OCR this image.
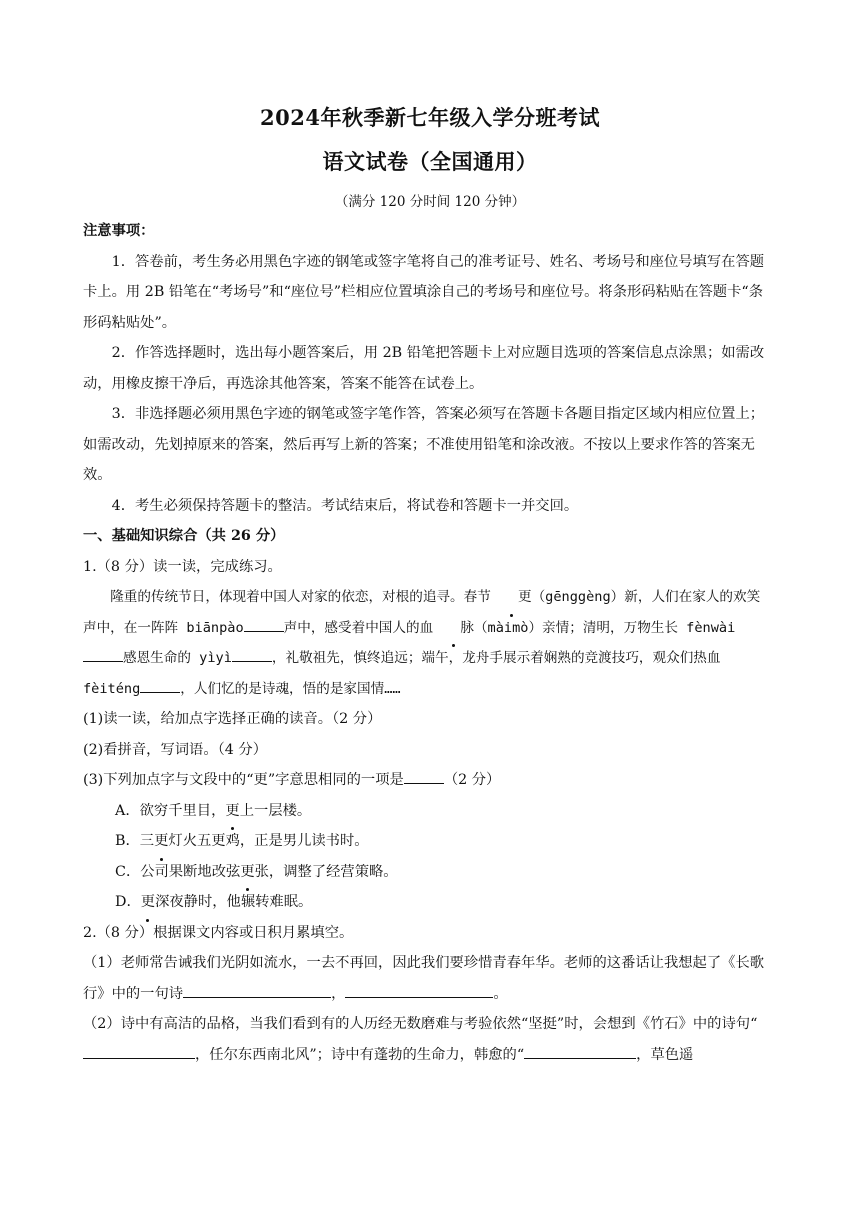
2024年秋季新七年级入学分班考试
语文试卷（全国通用）
（满分 120 分时间 120 分钟）

注意事项：

1．答卷前，考生务必用黑色字迹的钢笔或签字笔将自己的准考证号、姓名、考场号和座位号填写在答题卡上。用 2B 铅笔在“考场号”和“座位号”栏相应位置填涂自己的考场号和座位号。将条形码粘贴在答题卡“条形码粘贴处”。

2．作答选择题时，选出每小题答案后，用 2B 铅笔把答题卡上对应题目选项的答案信息点涂黑；如需改动，用橡皮擦干净后，再选涂其他答案，答案不能答在试卷上。

3．非选择题必须用黑色字迹的钢笔或签字笔作答，答案必须写在答题卡各题目指定区域内相应位置上；如需改动，先划掉原来的答案，然后再写上新的答案；不准使用铅笔和涂改液。不按以上要求作答的答案无效。

4．考生必须保持答题卡的整洁。考试结束后，将试卷和答题卡一并交回。

一、基础知识综合（共 26 分）

1.（8 分）读一读，完成练习。

隆重的传统节日，体现着中国人对家的依恋，对根的追寻。春节 更（gēnggèng）新，人们在家人的欢笑声中，在一阵阵 biānpào	声中，感受着中国人的血 脉（màimò）亲情；清明，万物生长 fènwài感恩生命的 yìyì	，礼敬祖先，慎终追远；端午，龙舟手展示着娴熟的竞渡技巧，观众们热血 fèiténg	，人们忆的是诗魂，悟的是家国情……

(1)读一读，给加点字选择正确的读音。（2 分）

(2)看拼音，写词语。（4 分）

(3)下列加点字与文段中的“更”字意思相同的一项是	（2 分）

A．欲穷千里目，更上一层楼。

B．三更灯火五更鸡，正是男儿读书时。

C．公司果断地改弦更张，调整了经营策略。

D．更深夜静时，他辗转难眠。

2.（8 分）根据课文内容或日积月累填空。

（1）老师常告诫我们光阴如流水，一去不再回，因此我们要珍惜青春年华。老师的这番话让我想起了《长歌行》中的一句诗	，	。

（2）诗中有高洁的品格，当我们看到有的人历经无数磨难与考验依然“坚挺”时，会想到《竹石》中的诗句“，任尔东西南北风”；诗中有蓬勃的生命力，韩愈的“	，草色遥
